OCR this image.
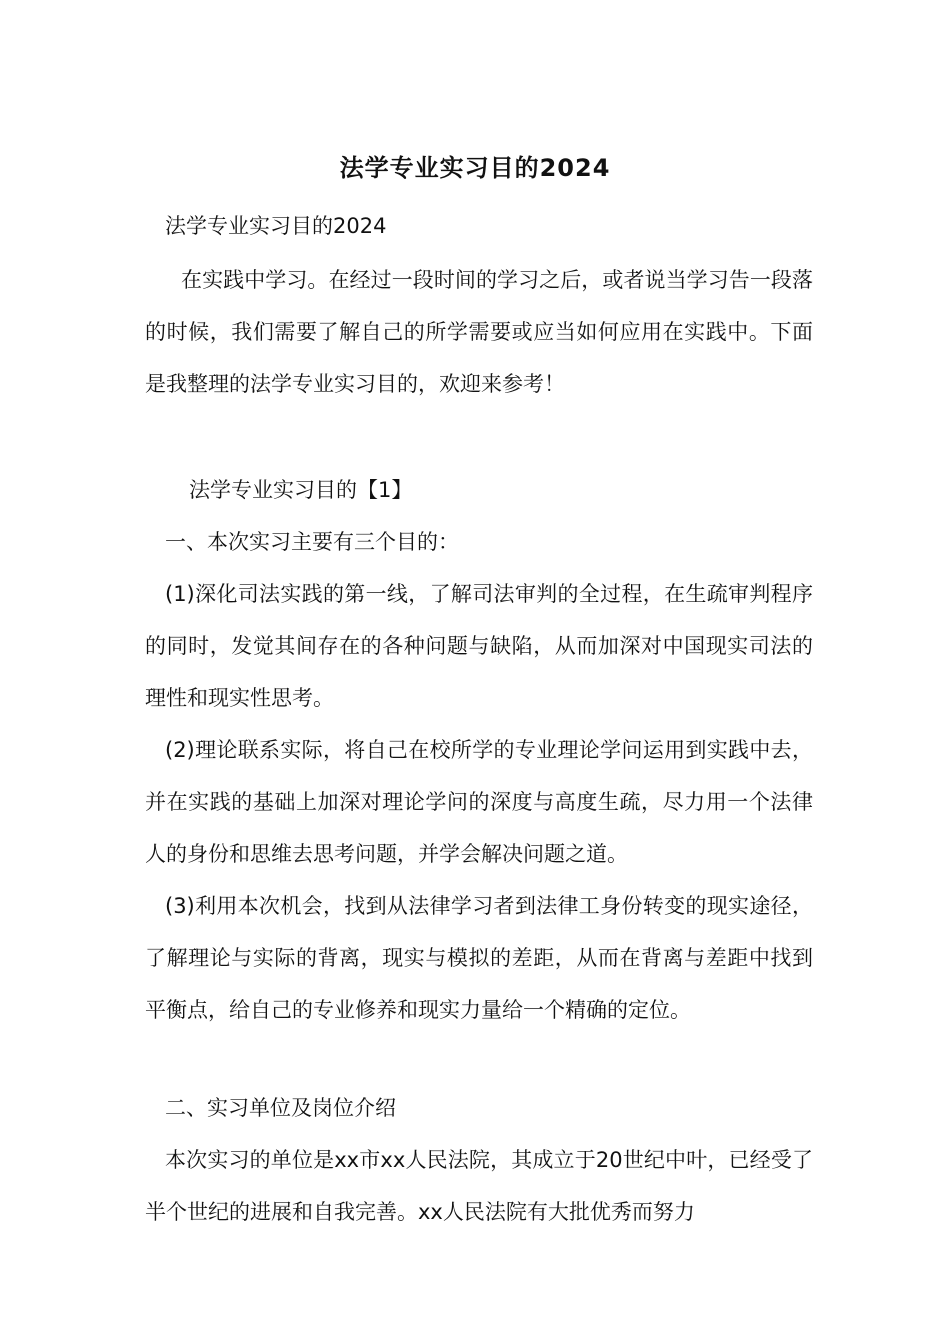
法学专业实习目的2024

法学专业实习目的2024

在实践中学习。在经过一段时间的学习之后，或者说当学习告一段落的时候，我们需要了解自己的所学需要或应当如何应用在实践中。下面是我整理的法学专业实习目的，欢迎来参考！

法学专业实习目的【1】

一、本次实习主要有三个目的：

(1)深化司法实践的第一线，了解司法审判的全过程，在生疏审判程序的同时，发觉其间存在的各种问题与缺陷，从而加深对中国现实司法的理性和现实性思考。

(2)理论联系实际，将自己在校所学的专业理论学问运用到实践中去，并在实践的基础上加深对理论学问的深度与高度生疏，尽力用一个法律人的身份和思维去思考问题，并学会解决问题之道。

(3)利用本次机会，找到从法律学习者到法律工身份转变的现实途径，了解理论与实际的背离，现实与模拟的差距，从而在背离与差距中找到平衡点，给自己的专业修养和现实力量给一个精确的定位。

二、实习单位及岗位介绍

本次实习的单位是xx市xx人民法院，其成立于20世纪中叶，已经受了半个世纪的进展和自我完善。xx人民法院有大批优秀而努力
